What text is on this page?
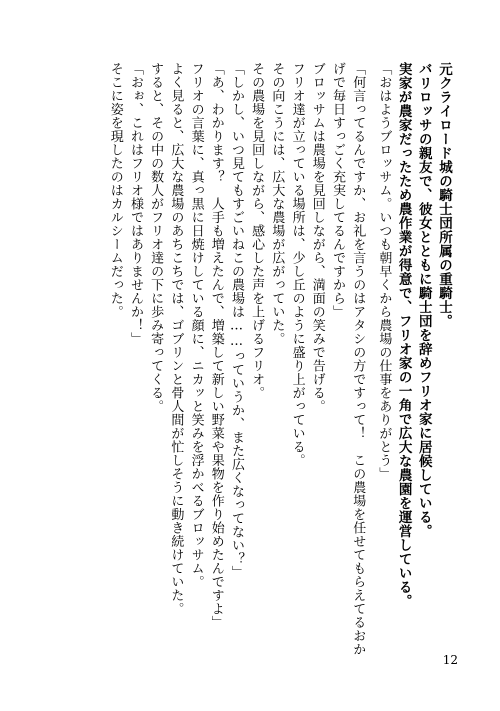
元クライロード城の騎士団所属の重騎士。

バリロッサの親友で、彼女とともに騎士団を辞めフリオ家に居候している。

実家が農家だったため農作業が得意で、フリオ家の一角で広大な農園を運営している。

「おはようブロッサム。いつも朝早くから農場の仕事をありがとう」

「何言ってるんですか、お礼を言うのはアタシの方ですって！　この農場を任せてもらえてるおか

げで毎日すっごく充実してるんですから」

ブロッサムは農場を見回しながら、満面の笑みで告げる。

フリオ達が立っている場所は、少し丘のように盛り上がっている。

その向こうには、広大な農場が広がっていた。

その農場を見回しながら、感心した声を上げるフリオ。

「しかし、いつ見てもすごいねこの農場は……っていうか、また広くなってない？」

「あ、わかります？　人手も増えたんで、増築して新しい野菜や果物を作り始めたんですよ」

フリオの言葉に、真っ黒に日焼けしている顔に、ニカッと笑みを浮かべるブロッサム。

よく見ると、広大な農場のあちこちでは、ゴブリンと骨人間が忙しそうに動き続けていた。

すると、その中の数人がフリオ達の下に歩み寄ってくる。

「おぉ、これはフリオ様ではありませんか！」

そこに姿を現したのはカルシームだった。

12
